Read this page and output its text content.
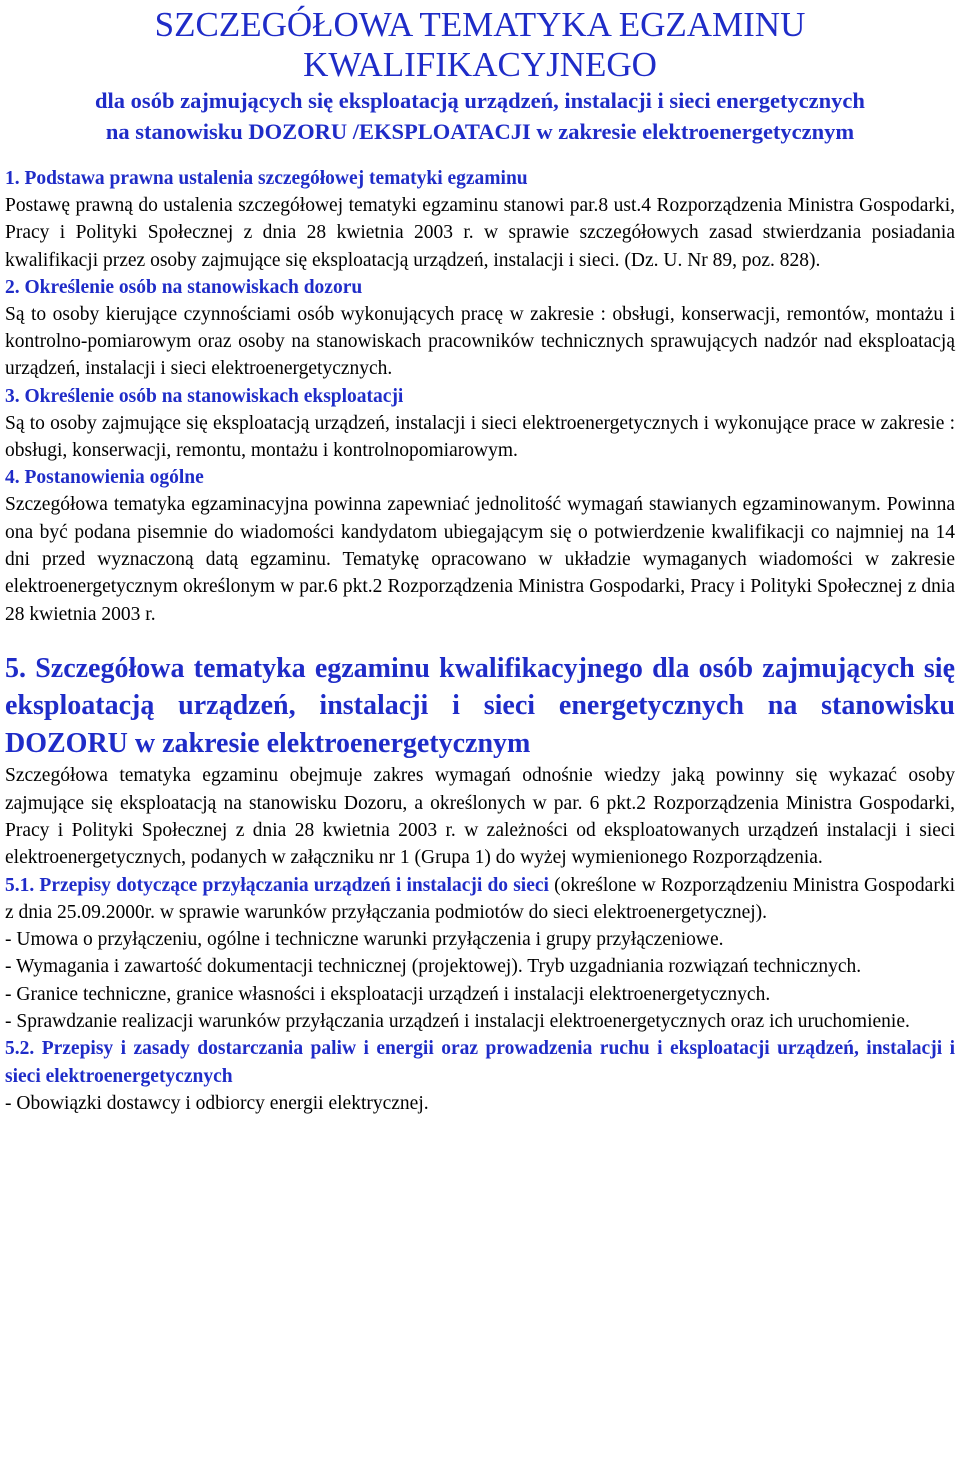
SZCZEGÓŁOWA TEMATYKA EGZAMINU KWALIFIKACYJNEGO

dla osób zajmujących się eksploatacją urządzeń, instalacji i sieci energetycznych

na stanowisku DOZORU /EKSPLOATACJI w zakresie elektroenergetycznym

1. Podstawa prawna ustalenia szczegółowej tematyki egzaminu

Postawę prawną do ustalenia szczegółowej tematyki egzaminu stanowi par.8 ust.4 Rozporządzenia Ministra Gospodarki, Pracy i Polityki Społecznej z dnia 28 kwietnia 2003 r. w sprawie szczegółowych zasad stwierdzania posiadania kwalifikacji przez osoby zajmujące się eksploatacją urządzeń, instalacji i sieci. (Dz. U. Nr 89, poz. 828).

2. Określenie osób na stanowiskach dozoru

Są to osoby kierujące czynnościami osób wykonujących pracę w zakresie : obsługi, konserwacji, remontów, montażu i kontrolno-pomiarowym oraz osoby na stanowiskach pracowników technicznych sprawujących nadzór nad eksploatacją urządzeń, instalacji i sieci elektroenergetycznych.

3. Określenie osób na stanowiskach eksploatacji

Są to osoby zajmujące się eksploatacją urządzeń, instalacji i sieci elektroenergetycznych i wykonujące prace w zakresie : obsługi, konserwacji, remontu, montażu i kontrolnopomiarowym.

4. Postanowienia ogólne

Szczegółowa tematyka egzaminacyjna powinna zapewniać jednolitość wymagań stawianych egzaminowanym. Powinna ona być podana pisemnie do wiadomości kandydatom ubiegającym się o potwierdzenie kwalifikacji co najmniej na 14 dni przed wyznaczoną datą egzaminu. Tematykę opracowano w układzie wymaganych wiadomości w zakresie elektroenergetycznym określonym w par.6 pkt.2 Rozporządzenia Ministra Gospodarki, Pracy i Polityki Społecznej z dnia 28 kwietnia 2003 r.

5. Szczegółowa tematyka egzaminu kwalifikacyjnego dla osób zajmujących się eksploatacją urządzeń, instalacji i sieci energetycznych na stanowisku DOZORU w zakresie elektroenergetycznym

Szczegółowa tematyka egzaminu obejmuje zakres wymagań odnośnie wiedzy jaką powinny się wykazać osoby zajmujące się eksploatacją na stanowisku Dozoru, a określonych w par. 6 pkt.2 Rozporządzenia Ministra Gospodarki, Pracy i Polityki Społecznej z dnia 28 kwietnia 2003 r. w zależności od eksploatowanych urządzeń instalacji i sieci elektroenergetycznych, podanych w załączniku nr 1 (Grupa 1) do wyżej wymienionego Rozporządzenia.

5.1. Przepisy dotyczące przyłączania urządzeń i instalacji do sieci (określone w Rozporządzeniu Ministra Gospodarki z dnia 25.09.2000r. w sprawie warunków przyłączania podmiotów do sieci elektroenergetycznej).

- Umowa o przyłączeniu, ogólne i techniczne warunki przyłączenia i grupy przyłączeniowe.

- Wymagania i zawartość dokumentacji technicznej (projektowej). Tryb uzgadniania rozwiązań technicznych.

- Granice techniczne, granice własności i eksploatacji urządzeń i instalacji elektroenergetycznych.

- Sprawdzanie realizacji warunków przyłączania urządzeń i instalacji elektroenergetycznych oraz ich uruchomienie.

5.2. Przepisy i zasady dostarczania paliw i energii oraz prowadzenia ruchu i eksploatacji urządzeń, instalacji i sieci elektroenergetycznych

- Obowiązki dostawcy i odbiorcy energii elektrycznej.
